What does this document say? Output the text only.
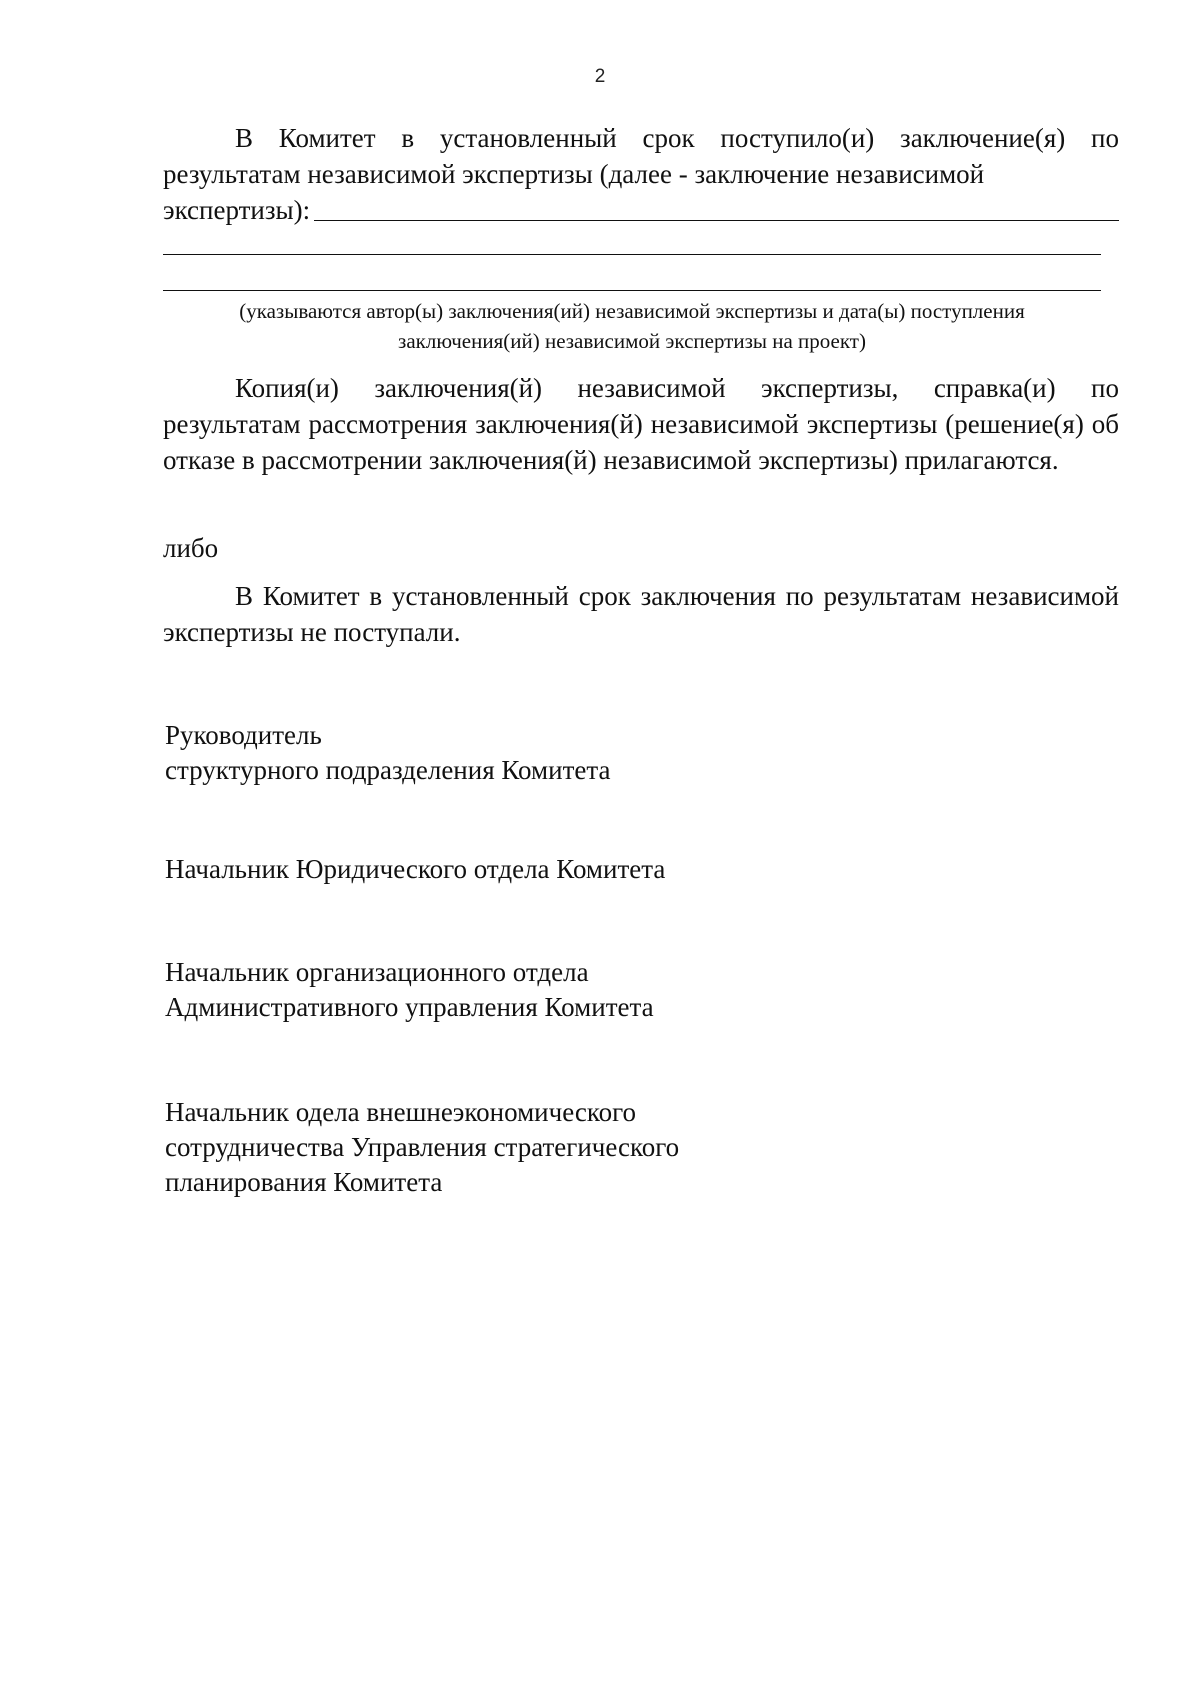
2
В Комитет в установленный срок поступило(и) заключение(я) по результатам независимой экспертизы (далее - заключение независимой
экспертизы):
(указываются автор(ы) заключения(ий) независимой экспертизы и дата(ы) поступления
заключения(ий) независимой экспертизы на проект)
Копия(и) заключения(й) независимой экспертизы, справка(и) по результатам рассмотрения заключения(й) независимой экспертизы (решение(я) об отказе в рассмотрении заключения(й) независимой экспертизы) прилагаются.
либо
В Комитет в установленный срок заключения по результатам независимой экспертизы не поступали.
Руководитель
структурного подразделения Комитета
Начальник Юридического отдела Комитета
Начальник организационного отдела
Административного управления Комитета
Начальник одела внешнеэкономического
сотрудничества Управления стратегического
планирования Комитета
